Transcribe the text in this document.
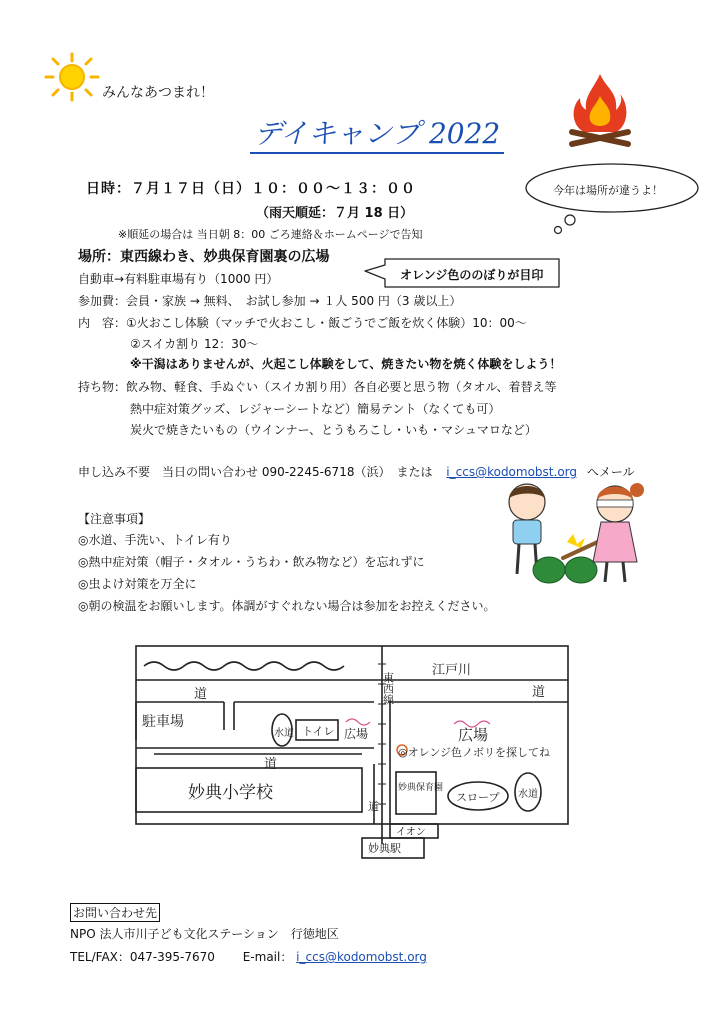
みんなあつまれ！
デイキャンプ 2022
日時：７月１７日（日）１０：００～１３：００
（雨天順延：７月 18 日）
※順延の場合は 当日朝 8：00 ごろ連絡＆ホームページで告知
今年は場所が違うよ！
オレンジ色ののぼりが目印
場所：東西線わき、妙典保育園裏の広場
自動車→有料駐車場有り（1000 円）
参加費：会員・家族 → 無料、　お試し参加 → １人 500 円（3 歳以上）
内　容：①火おこし体験（マッチで火おこし・飯ごうでご飯を炊く体験）10：00～
②スイカ割り 12：30～
※干潟はありませんが、火起こし体験をして、焼きたい物を焼く体験をしよう！
持ち物：飲み物、軽食、手ぬぐい（スイカ割り用）各自必要と思う物（タオル、着替え等
熱中症対策グッズ、レジャーシートなど）簡易テント（なくても可）
炭火で焼きたいもの（ウインナー、とうもろこし・いも・マシュマロなど）
申し込み不要　当日の問い合わせ 090-2245-6718（浜）　または i_ccs@kodomobst.org へメール
【注意事項】
◎水道、手洗い、トイレ有り
◎熱中症対策（帽子・タオル・うちわ・飲み物など）を忘れずに
◎虫よけ対策を万全に
◎朝の検温をお願いします。体調がすぐれない場合は参加をお控えください。
江戸川
東西線
道	道
道
道
駐車場
水道 トイレ 広場	広場
◎オレンジ色ノボリを探してね
妙典小学校	妙典保育園
スロープ 水道
イオン
妙典駅
お問い合わせ先
NPO 法人市川子ども文化ステーション　行徳地区
TEL/FAX：047-395-7670 E-mail： i_ccs@kodomobst.org
